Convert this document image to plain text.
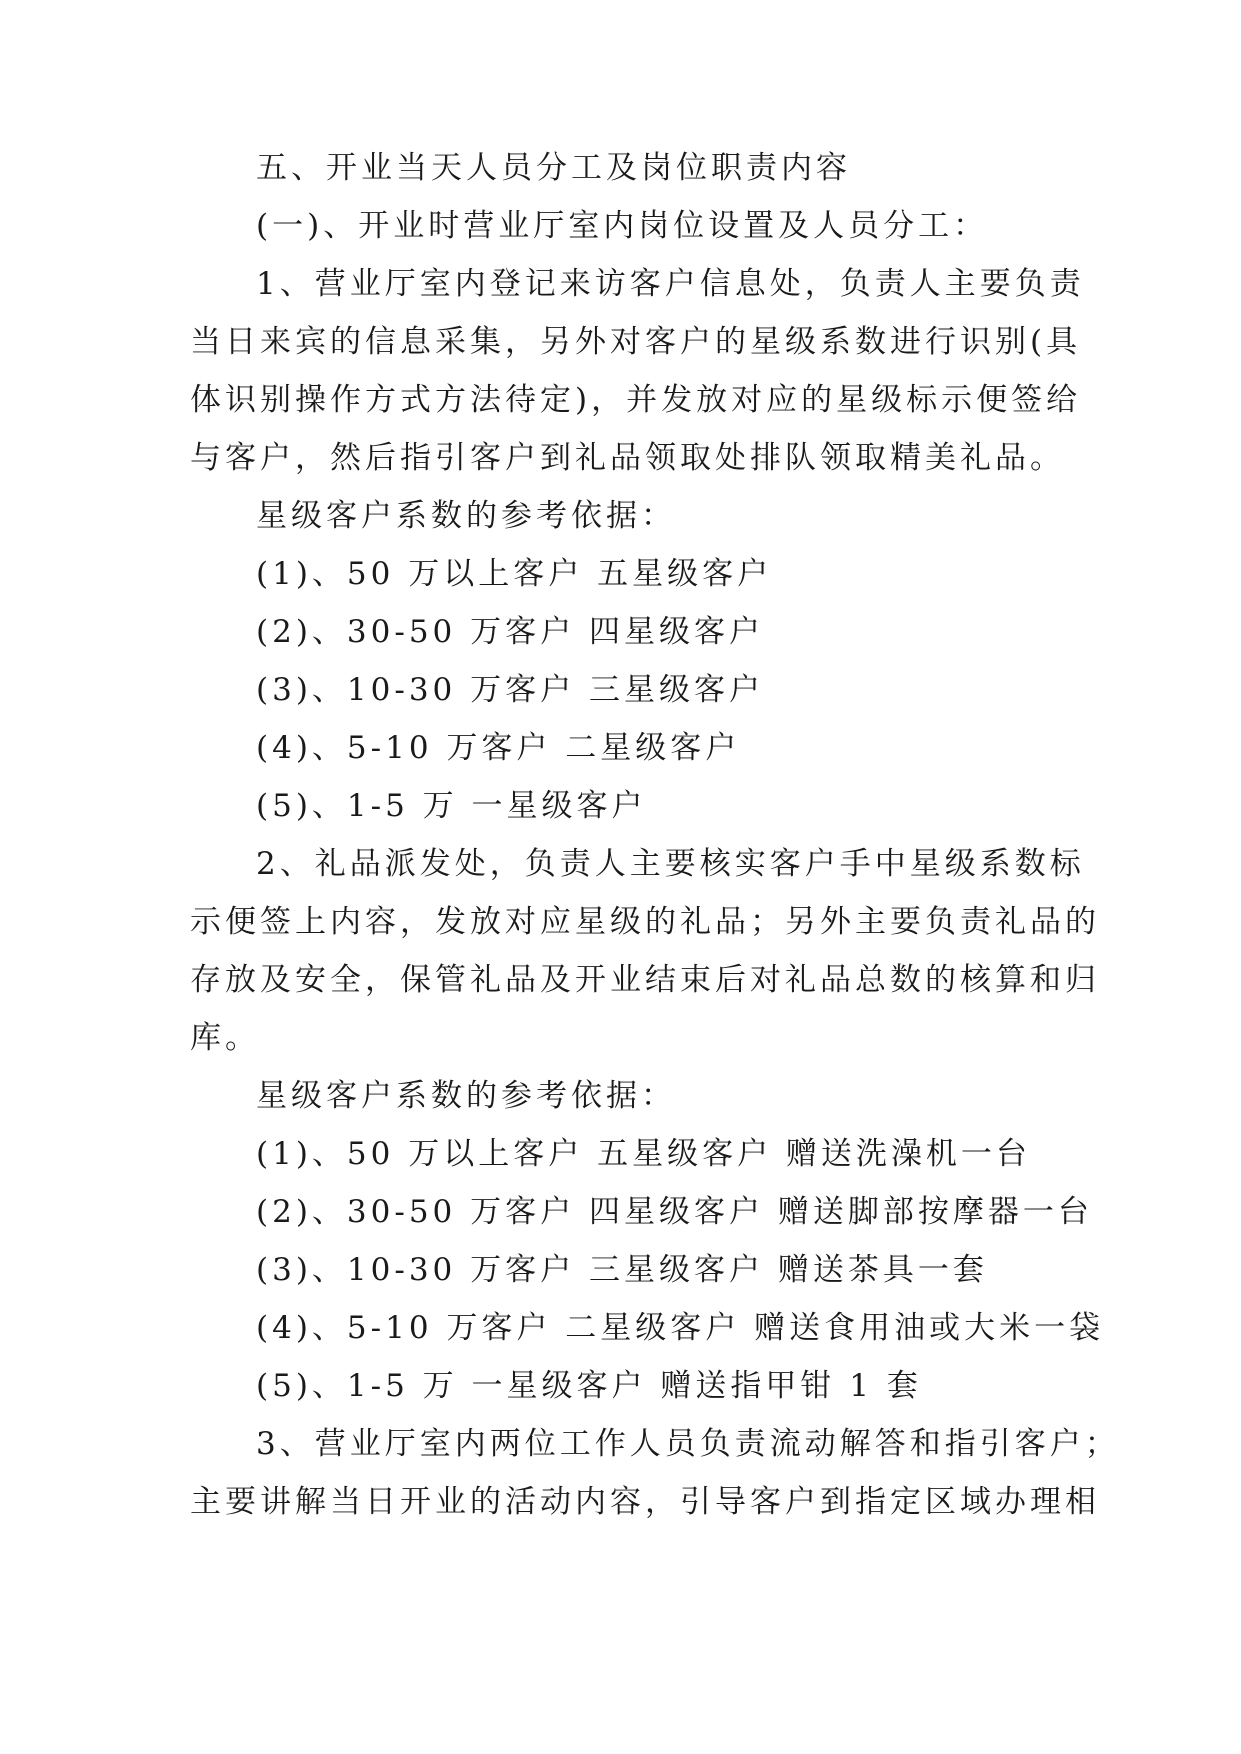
五、开业当天人员分工及岗位职责内容
(一)、开业时营业厅室内岗位设置及人员分工：
1、营业厅室内登记来访客户信息处，负责人主要负责
当日来宾的信息采集，另外对客户的星级系数进行识别(具
体识别操作方式方法待定)，并发放对应的星级标示便签给
与客户，然后指引客户到礼品领取处排队领取精美礼品。
星级客户系数的参考依据：
(1)、50 万以上客户 五星级客户
(2)、30-50 万客户 四星级客户
(3)、10-30 万客户 三星级客户
(4)、5-10 万客户 二星级客户
(5)、1-5 万 一星级客户
2、礼品派发处，负责人主要核实客户手中星级系数标
示便签上内容，发放对应星级的礼品；另外主要负责礼品的
存放及安全，保管礼品及开业结束后对礼品总数的核算和归
库。
星级客户系数的参考依据：
(1)、50 万以上客户 五星级客户 赠送洗澡机一台
(2)、30-50 万客户 四星级客户 赠送脚部按摩器一台
(3)、10-30 万客户 三星级客户 赠送茶具一套
(4)、5-10 万客户 二星级客户 赠送食用油或大米一袋
(5)、1-5 万 一星级客户 赠送指甲钳 1 套
3、营业厅室内两位工作人员负责流动解答和指引客户；
主要讲解当日开业的活动内容，引导客户到指定区域办理相
